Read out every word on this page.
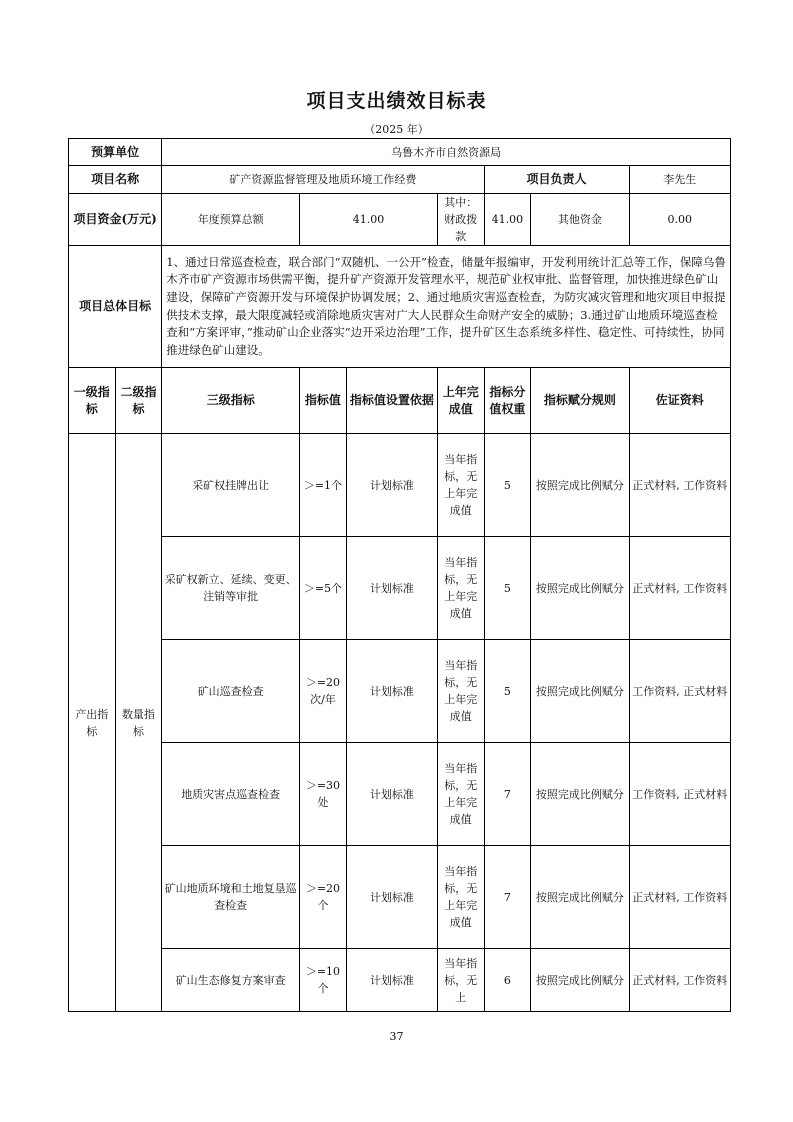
项目支出绩效目标表
（2025 年）
预算单位		乌鲁木齐市自然资源局						
项目名称		矿产资源监督管理及地质环境工作经费				项目负责人		李先生
项目资金(万元)		年度预算总额	41.00		其中：财政拨款	41.00	其他资金	0.00
项目总体目标		1、通过日常巡查检查，联合部门“双随机、一公开”检查，储量年报编审，开发利用统计汇总等工作，保障乌鲁木齐市矿产资源市场供需平衡，提升矿产资源开发管理水平，规范矿业权审批、监督管理，加快推进绿色矿山建设，保障矿产资源开发与环境保护协调发展；2、通过地质灾害巡查检查，为防灾减灾管理和地灾项目申报提供技术支撑，最大限度减轻或消除地质灾害对广大人民群众生命财产安全的威胁；3.通过矿山地质环境巡查检查和“方案评审，”推动矿山企业落实“边开采边治理”工作，提升矿区生态系统多样性、稳定性、可持续性，协同推进绿色矿山建设。						
一级指标	二级指标	三级指标	指标值	指标值设置依据	上年完成值	指标分值权重	指标赋分规则	佐证资料
产出指标	数量指标	采矿权挂牌出让	＞=1个	计划标准	当年指标，无上年完成值	5	按照完成比例赋分	正式材料, 工作资料
		采矿权新立、延续、变更、注销等审批	＞=5个	计划标准	当年指标，无上年完成值	5	按照完成比例赋分	正式材料, 工作资料
		矿山巡查检查	＞=20次/年	计划标准	当年指标，无上年完成值	5	按照完成比例赋分	工作资料, 正式材料
		地质灾害点巡查检查	＞=30处	计划标准	当年指标，无上年完成值	7	按照完成比例赋分	工作资料, 正式材料
		矿山地质环境和土地复垦巡查检查	＞=20个	计划标准	当年指标，无上年完成值	7	按照完成比例赋分	正式材料, 工作资料
		矿山生态修复方案审查	＞=10个	计划标准	当年指标，无上	6	按照完成比例赋分	正式材料, 工作资料
37
